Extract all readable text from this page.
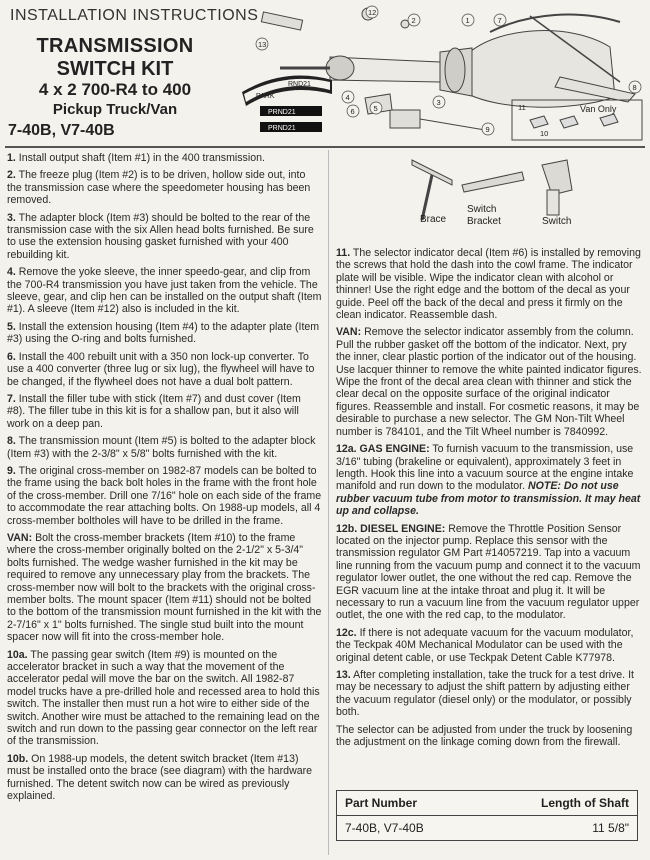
INSTALLATION INSTRUCTIONS
TRANSMISSION
SWITCH KIT
4 x 2 700-R4 to 400
Pickup Truck/Van
7-40B, V7-40B
PARK
RND21
PRND21
PRND21
Van Only
1
2
3
4
5
6
7
8
9	10
11
12
13
1. Install output shaft (Item #1) in the 400 transmission.
2. The freeze plug (Item #2) is to be driven, hollow side out, into the transmission case where the speedometer housing has been removed.
3. The adapter block (Item #3) should be bolted to the rear of the transmission case with the six Allen head bolts furnished. Be sure to use the extension housing gasket furnished with your 400 rebuilding kit.
4. Remove the yoke sleeve, the inner speedo-gear, and clip from the 700-R4 transmission you have just taken from the vehicle. The sleeve, gear, and clip hen can be installed on the output shaft (Item #1). A sleeve (Item #12) also is included in the kit.
5. Install the extension housing (Item #4) to the adapter plate (Item #3) using the O-ring and bolts furnished.
6. Install the 400 rebuilt unit with a 350 non lock-up converter. To use a 400 converter (three lug or six lug), the flywheel will have to be changed, if the flywheel does not have a dual bolt pattern.
7. Install the filler tube with stick (Item #7) and dust cover (Item #8). The filler tube in this kit is for a shallow pan, but it also will work on a deep pan.
8. The transmission mount (Item #5) is bolted to the adapter block (Item #3) with the 2-3/8" x 5/8" bolts furnished with the kit.
9. The original cross-member on 1982-87 models can be bolted to the frame using the back bolt holes in the frame with the front hole of the cross-member. Drill one 7/16" hole on each side of the frame to accommodate the rear attaching bolts. On 1988-up models, all 4 cross-member boltholes will have to be drilled in the frame.
VAN: Bolt the cross-member brackets (Item #10) to the frame where the cross-member originally bolted on the 2-1/2" x 5-3/4" bolts furnished. The wedge washer furnished in the kit may be required to remove any unnecessary play from the brackets. The cross-member now will bolt to the brackets with the original cross-member bolts. The mount spacer (Item #11) should not be bolted to the bottom of the transmission mount furnished in the kit with the 2-7/16" x 1" bolts furnished. The single stud built into the mount spacer now will fit into the cross-member hole.
10a. The passing gear switch (Item #9) is mounted on the accelerator bracket in such a way that the movement of the accelerator pedal will move the bar on the switch. All 1982-87 model trucks have a pre-drilled hole and recessed area to hold this switch. The installer then must run a hot wire to either side of the switch. Another wire must be attached to the remaining lead on the switch and run down to the passing gear connector on the left rear of the transmission.
10b. On 1988-up models, the detent switch bracket (Item #13) must be installed onto the brace (see diagram) with the hardware furnished. The detent switch now can be wired as previously explained.
Brace
Switch
Bracket	Switch
11. The selector indicator decal (Item #6) is installed by removing the screws that hold the dash into the cowl frame. The indicator plate will be visible. Wipe the indicator clean with alcohol or thinner! Use the right edge and the bottom of the decal as your guide. Peel off the back of the decal and press it firmly on the clean indicator. Reassemble dash.
VAN: Remove the selector indicator assembly from the column. Pull the rubber gasket off the bottom of the indicator. Next, pry the inner, clear plastic portion of the indicator out of the housing. Use lacquer thinner to remove the white painted indicator figures. Wipe the front of the decal area clean with thinner and stick the clear decal on the opposite surface of the original indicator figures. Reassemble and install. For cosmetic reasons, it may be desirable to purchase a new selector. The GM Non-Tilt Wheel number is 784101, and the Tilt Wheel number is 7840992.
12a. GAS ENGINE: To furnish vacuum to the transmission, use 3/16" tubing (brakeline or equivalent), approximately 3 feet in length. Hook this line into a vacuum source at the engine intake manifold and run down to the modulator. NOTE: Do not use rubber vacuum tube from motor to transmission. It may heat up and collapse.
12b. DIESEL ENGINE: Remove the Throttle Position Sensor located on the injector pump. Replace this sensor with the transmission regulator GM Part #14057219. Tap into a vacuum line running from the vacuum pump and connect it to the vacuum regulator lower outlet, the one without the red cap. Remove the EGR vacuum line at the intake throat and plug it. It will be necessary to run a vacuum line from the vacuum regulator upper outlet, the one with the red cap, to the modulator.
12c. If there is not adequate vacuum for the vacuum modulator, the Teckpak 40M Mechanical Modulator can be used with the original detent cable, or use Teckpak Detent Cable K77978.
13. After completing installation, take the truck for a test drive. It may be necessary to adjust the shift pattern by adjusting either the vacuum regulator (diesel only) or the modulator, or possibly both.
The selector can be adjusted from under the truck by loosening the adjustment on the linkage coming down from the firewall.
Part Number	Length of Shaft
7-40B, V7-40B	11 5/8"
